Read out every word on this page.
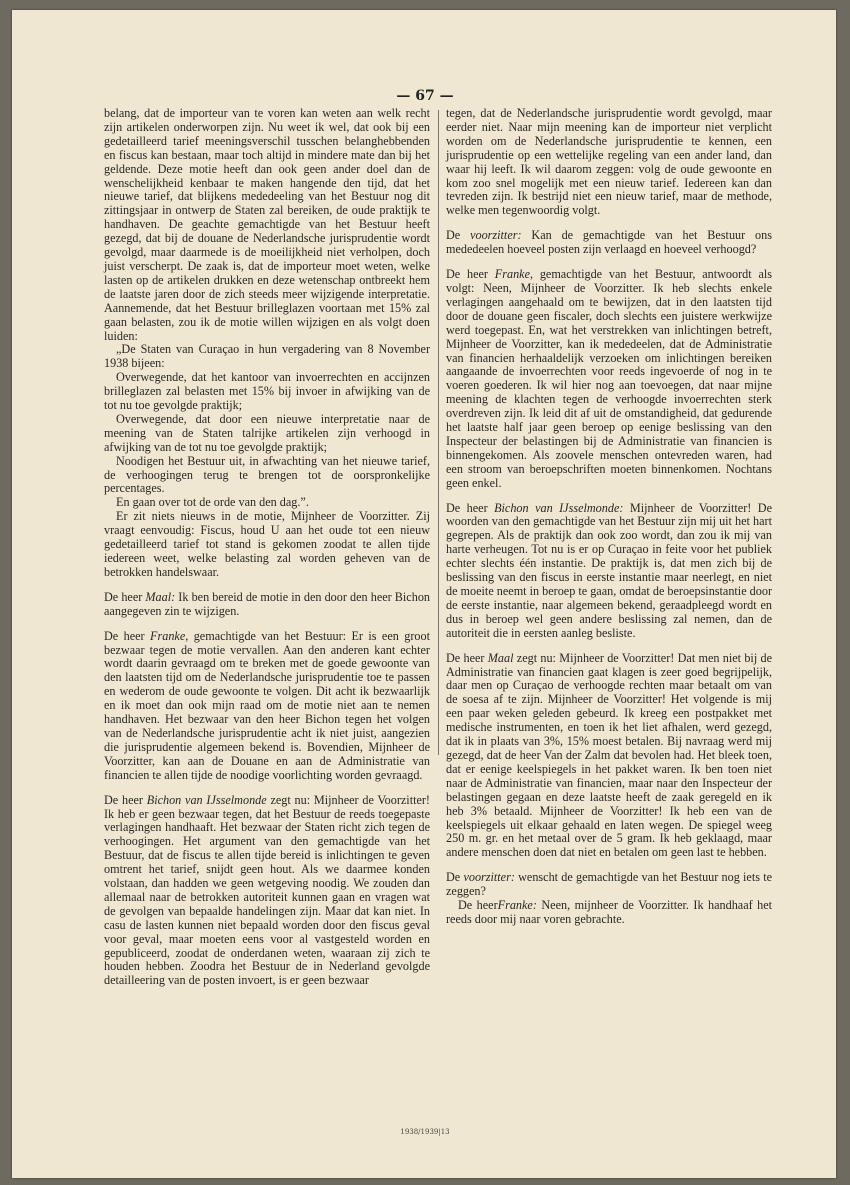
— 67 —

belang, dat de importeur van te voren kan weten aan welk recht zijn artikelen onderworpen zijn. Nu weet ik wel, dat ook bij een gedetailleerd tarief meeningsverschil tusschen belanghebbenden en fiscus kan bestaan, maar toch altijd in mindere mate dan bij het geldende. Deze motie heeft dan ook geen ander doel dan de wenschelijkheid kenbaar te maken hangende den tijd, dat het nieuwe tarief, dat blijkens mededeeling van het Bestuur nog dit zittingsjaar in ontwerp de Staten zal bereiken, de oude praktijk te handhaven. De geachte gemachtigde van het Bestuur heeft gezegd, dat bij de douane de Nederlandsche jurisprudentie wordt gevolgd, maar daarmede is de moeilijkheid niet verholpen, doch juist verscherpt. De zaak is, dat de importeur moet weten, welke lasten op de artikelen drukken en deze wetenschap ontbreekt hem de laatste jaren door de zich steeds meer wijzigende interpretatie. Aannemende, dat het Bestuur brilleglazen voortaan met 15% zal gaan belasten, zou ik de motie willen wijzigen en als volgt doen luiden:

„De Staten van Curaçao in hun vergadering van 8 November 1938 bijeen:

Overwegende, dat het kantoor van invoerrechten en accijnzen brilleglazen zal belasten met 15% bij invoer in afwijking van de tot nu toe gevolgde praktijk;

Overwegende, dat door een nieuwe interpretatie naar de meening van de Staten talrijke artikelen zijn verhoogd in afwijking van de tot nu toe gevolgde praktijk;

Noodigen het Bestuur uit, in afwachting van het nieuwe tarief, de verhoogingen terug te brengen tot de oorspronkelijke percentages.

En gaan over tot de orde van den dag.”.

Er zit niets nieuws in de motie, Mijnheer de Voorzitter. Zij vraagt eenvoudig: Fiscus, houd U aan het oude tot een nieuw gedetailleerd tarief tot stand is gekomen zoodat te allen tijde iedereen weet, welke belasting zal worden geheven van de betrokken handelswaar.

De heer Maal: Ik ben bereid de motie in den door den heer Bichon aangegeven zin te wijzigen.

De heer Franke, gemachtigde van het Bestuur: Er is een groot bezwaar tegen de motie vervallen. Aan den anderen kant echter wordt daarin gevraagd om te breken met de goede gewoonte van den laatsten tijd om de Nederlandsche jurisprudentie toe te passen en wederom de oude gewoonte te volgen. Dit acht ik bezwaarlijk en ik moet dan ook mijn raad om de motie niet aan te nemen handhaven. Het bezwaar van den heer Bichon tegen het volgen van de Nederlandsche jurisprudentie acht ik niet juist, aangezien die jurisprudentie algemeen bekend is. Bovendien, Mijnheer de Voorzitter, kan aan de Douane en aan de Administratie van financien te allen tijde de noodige voorlichting worden gevraagd.

De heer Bichon van IJsselmonde zegt nu: Mijnheer de Voorzitter! Ik heb er geen bezwaar tegen, dat het Bestuur de reeds toegepaste verlagingen handhaaft. Het bezwaar der Staten richt zich tegen de verhoogingen. Het argument van den gemachtigde van het Bestuur, dat de fiscus te allen tijde bereid is inlichtingen te geven omtrent het tarief, snijdt geen hout. Als we daarmee konden volstaan, dan hadden we geen wetgeving noodig. We zouden dan allemaal naar de betrokken autoriteit kunnen gaan en vragen wat de gevolgen van bepaalde handelingen zijn. Maar dat kan niet. In casu de lasten kunnen niet bepaald worden door den fiscus geval voor geval, maar moeten eens voor al vastgesteld worden en gepubliceerd, zoodat de onderdanen weten, waaraan zij zich te houden hebben. Zoodra het Bestuur de in Nederland gevolgde detailleering van de posten invoert, is er geen bezwaar

tegen, dat de Nederlandsche jurisprudentie wordt gevolgd, maar eerder niet. Naar mijn meening kan de importeur niet verplicht worden om de Nederlandsche jurisprudentie te kennen, een jurisprudentie op een wettelijke regeling van een ander land, dan waar hij leeft. Ik wil daarom zeggen: volg de oude gewoonte en kom zoo snel mogelijk met een nieuw tarief. Iedereen kan dan tevreden zijn. Ik bestrijd niet een nieuw tarief, maar de methode, welke men tegenwoordig volgt.

De voorzitter: Kan de gemachtigde van het Bestuur ons mededeelen hoeveel posten zijn verlaagd en hoeveel verhoogd?

De heer Franke, gemachtigde van het Bestuur, antwoordt als volgt: Neen, Mijnheer de Voorzitter. Ik heb slechts enkele verlagingen aangehaald om te bewijzen, dat in den laatsten tijd door de douane geen fiscaler, doch slechts een juistere werkwijze werd toegepast. En, wat het verstrekken van inlichtingen betreft, Mijnheer de Voorzitter, kan ik mededeelen, dat de Administratie van financien herhaaldelijk verzoeken om inlichtingen bereiken aangaande de invoerrechten voor reeds ingevoerde of nog in te voeren goederen. Ik wil hier nog aan toevoegen, dat naar mijne meening de klachten tegen de verhoogde invoerrechten sterk overdreven zijn. Ik leid dit af uit de omstandigheid, dat gedurende het laatste half jaar geen beroep op eenige beslissing van den Inspecteur der belastingen bij de Administratie van financien is binnengekomen. Als zoovele menschen ontevreden waren, had een stroom van beroepschriften moeten binnenkomen. Nochtans geen enkel.

De heer Bichon van IJsselmonde: Mijnheer de Voorzitter! De woorden van den gemachtigde van het Bestuur zijn mij uit het hart gegrepen. Als de praktijk dan ook zoo wordt, dan zou ik mij van harte verheugen. Tot nu is er op Curaçao in feite voor het publiek echter slechts één instantie. De praktijk is, dat men zich bij de beslissing van den fiscus in eerste instantie maar neerlegt, en niet de moeite neemt in beroep te gaan, omdat de beroepsinstantie door de eerste instantie, naar algemeen bekend, geraadpleegd wordt en dus in beroep wel geen andere beslissing zal nemen, dan de autoriteit die in eersten aanleg besliste.

De heer Maal zegt nu: Mijnheer de Voorzitter! Dat men niet bij de Administratie van financien gaat klagen is zeer goed begrijpelijk, daar men op Curaçao de verhoogde rechten maar betaalt om van de soesa af te zijn. Mijnheer de Voorzitter! Het volgende is mij een paar weken geleden gebeurd. Ik kreeg een postpakket met medische instrumenten, en toen ik het liet afhalen, werd gezegd, dat ik in plaats van 3%, 15% moest betalen. Bij navraag werd mij gezegd, dat de heer Van der Zalm dat bevolen had. Het bleek toen, dat er eenige keelspiegels in het pakket waren. Ik ben toen niet naar de Administratie van financien, maar naar den Inspecteur der belastingen gegaan en deze laatste heeft de zaak geregeld en ik heb 3% betaald. Mijnheer de Voorzitter! Ik heb een van de keelspiegels uit elkaar gehaald en laten wegen. De spiegel weeg 250 m. gr. en het metaal over de 5 gram. Ik heb geklaagd, maar andere menschen doen dat niet en betalen om geen last te hebben.

De voorzitter: wenscht de gemachtigde van het Bestuur nog iets te zeggen?

De heerFranke: Neen, mijnheer de Voorzitter. Ik handhaaf het reeds door mij naar voren gebrachte.

1938/1939|13
